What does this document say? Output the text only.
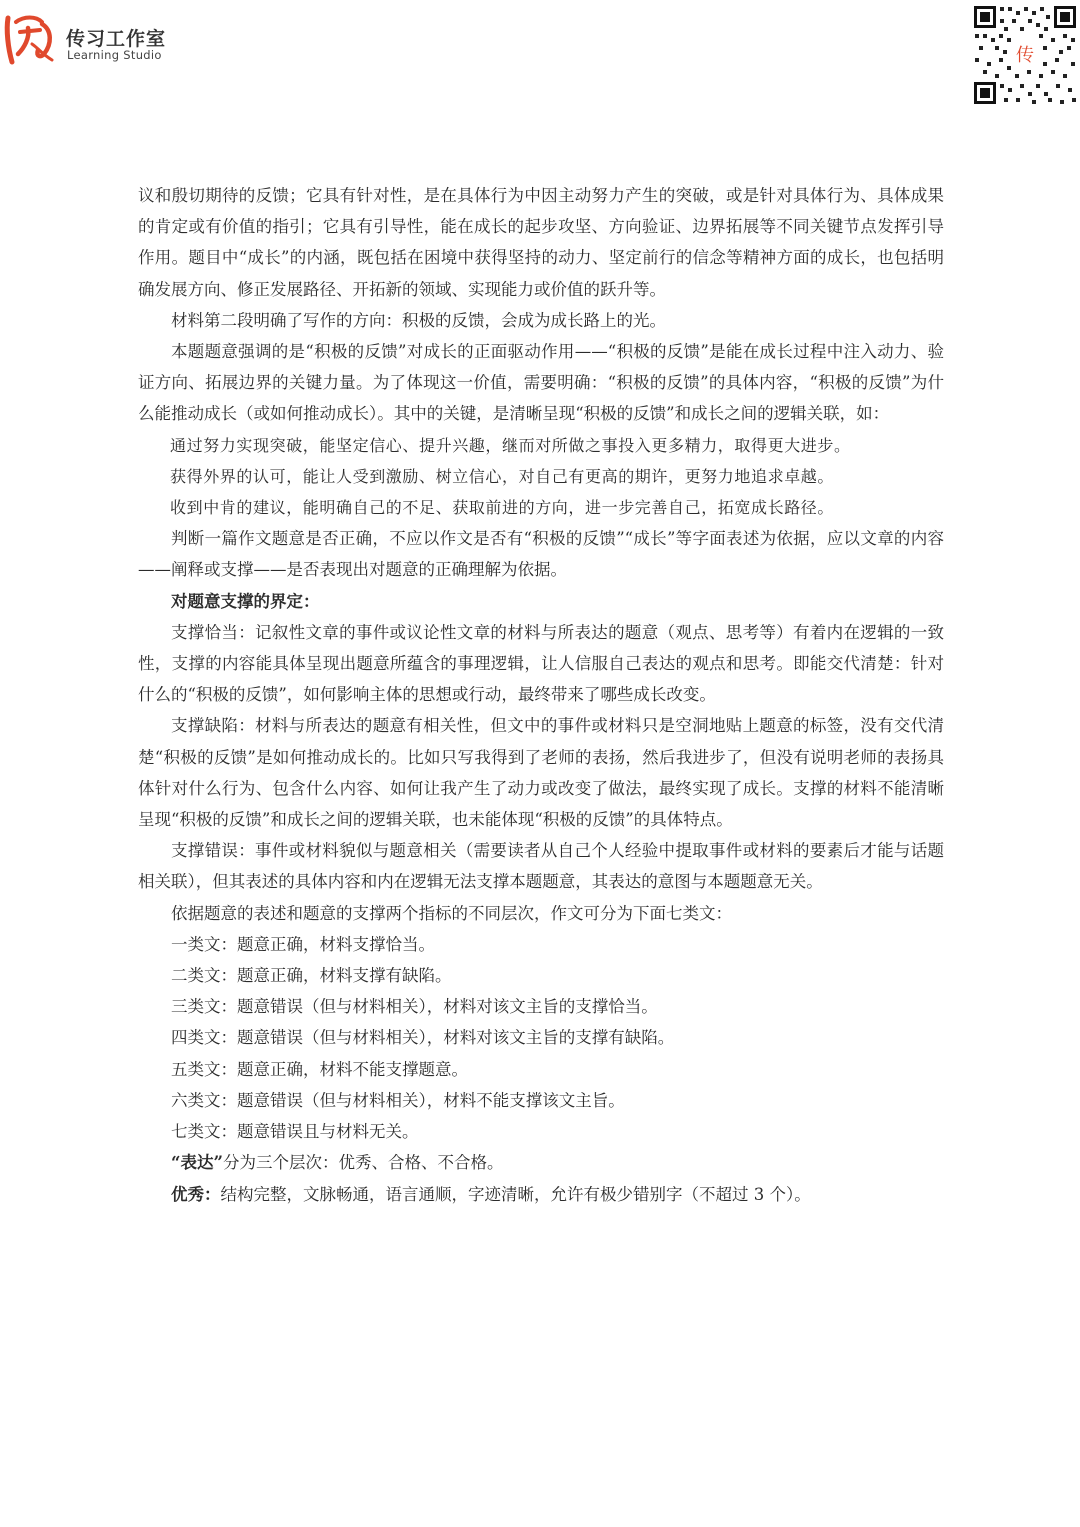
传习工作室
Learning Studio	传

议和殷切期待的反馈；它具有针对性，是在具体行为中因主动努力产生的突破，或是针对具体行为、具体成果的肯定或有价值的指引；它具有引导性，能在成长的起步攻坚、方向验证、边界拓展等不同关键节点发挥引导作用。题目中“成长”的内涵，既包括在困境中获得坚持的动力、坚定前行的信念等精神方面的成长，也包括明确发展方向、修正发展路径、开拓新的领域、实现能力或价值的跃升等。

材料第二段明确了写作的方向：积极的反馈，会成为成长路上的光。

本题题意强调的是“积极的反馈”对成长的正面驱动作用——“积极的反馈”是能在成长过程中注入动力、验证方向、拓展边界的关键力量。为了体现这一价值，需要明确：“积极的反馈”的具体内容，“积极的反馈”为什么能推动成长（或如何推动成长）。其中的关键，是清晰呈现“积极的反馈”和成长之间的逻辑关联，如：

通过努力实现突破，能坚定信心、提升兴趣，继而对所做之事投入更多精力，取得更大进步。

获得外界的认可，能让人受到激励、树立信心，对自己有更高的期许，更努力地追求卓越。

收到中肯的建议，能明确自己的不足、获取前进的方向，进一步完善自己，拓宽成长路径。

判断一篇作文题意是否正确，不应以作文是否有“积极的反馈”“成长”等字面表述为依据，应以文章的内容——阐释或支撑——是否表现出对题意的正确理解为依据。

对题意支撑的界定：

支撑恰当：记叙性文章的事件或议论性文章的材料与所表达的题意（观点、思考等）有着内在逻辑的一致性，支撑的内容能具体呈现出题意所蕴含的事理逻辑，让人信服自己表达的观点和思考。即能交代清楚：针对什么的“积极的反馈”，如何影响主体的思想或行动，最终带来了哪些成长改变。

支撑缺陷：材料与所表达的题意有相关性，但文中的事件或材料只是空洞地贴上题意的标签，没有交代清楚“积极的反馈”是如何推动成长的。比如只写我得到了老师的表扬，然后我进步了，但没有说明老师的表扬具体针对什么行为、包含什么内容、如何让我产生了动力或改变了做法，最终实现了成长。支撑的材料不能清晰呈现“积极的反馈”和成长之间的逻辑关联，也未能体现“积极的反馈”的具体特点。

支撑错误：事件或材料貌似与题意相关（需要读者从自己个人经验中提取事件或材料的要素后才能与话题相关联），但其表述的具体内容和内在逻辑无法支撑本题题意，其表达的意图与本题题意无关。

依据题意的表述和题意的支撑两个指标的不同层次，作文可分为下面七类文：

一类文：题意正确，材料支撑恰当。

二类文：题意正确，材料支撑有缺陷。

三类文：题意错误（但与材料相关），材料对该文主旨的支撑恰当。

四类文：题意错误（但与材料相关），材料对该文主旨的支撑有缺陷。

五类文：题意正确，材料不能支撑题意。

六类文：题意错误（但与材料相关），材料不能支撑该文主旨。

七类文：题意错误且与材料无关。

“表达”分为三个层次：优秀、合格、不合格。

优秀：结构完整，文脉畅通，语言通顺，字迹清晰，允许有极少错别字（不超过 3 个）。
